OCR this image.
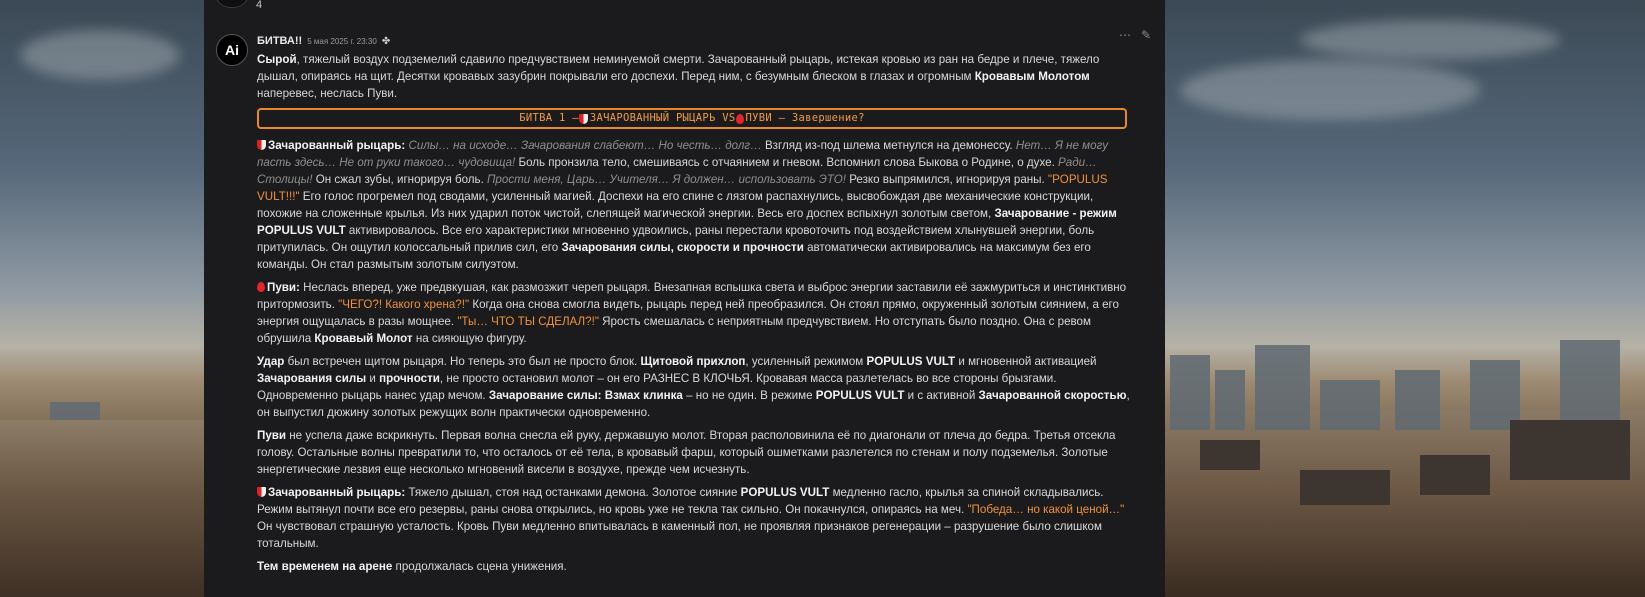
4
Ai
БИТВА!! 5 мая 2025 г. 23:30 ✤	⋯ ✎

Сырой, тяжелый воздух подземелий сдавило предчувствием неминуемой смерти. Зачарованный рыцарь, истекая кровью из ран на бедре и плече, тяжело дышал, опираясь на щит. Десятки кровавых зазубрин покрывали его доспехи. Перед ним, с безумным блеском в глазах и огромным Кровавым Молотом наперевес, неслась Пуви.

БИТВА 1 – ЗАЧАРОВАННЫЙ РЫЦАРЬ VS ПУВИ – Завершение?

Зачарованный рыцарь: Силы… на исходе… Зачарования слабеют… Но честь… долг… Взгляд из-под шлема метнулся на демонессу. Нет… Я не могу пасть здесь… Не от руки такого… чудовища! Боль пронзила тело, смешиваясь с отчаянием и гневом. Вспомнил слова Быкова о Родине, о духе. Ради… Столицы! Он сжал зубы, игнорируя боль. Прости меня, Царь… Учителя… Я должен… использовать ЭТО! Резко выпрямился, игнорируя раны. "POPULUS VULT!!!" Его голос прогремел под сводами, усиленный магией. Доспехи на его спине с лязгом распахнулись, высвобождая две механические конструкции, похожие на сложенные крылья. Из них ударил поток чистой, слепящей магической энергии. Весь его доспех вспыхнул золотым светом, Зачарование - режим POPULUS VULT активировалось. Все его характеристики мгновенно удвоились, раны перестали кровоточить под воздействием хлынувшей энергии, боль притупилась. Он ощутил колоссальный прилив сил, его Зачарования силы, скорости и прочности автоматически активировались на максимум без его команды. Он стал размытым золотым силуэтом.

Пуви: Неслась вперед, уже предвкушая, как размозжит череп рыцаря. Внезапная вспышка света и выброс энергии заставили её зажмуриться и инстинктивно притормозить. "ЧЕГО?! Какого хрена?!" Когда она снова смогла видеть, рыцарь перед ней преобразился. Он стоял прямо, окруженный золотым сиянием, а его энергия ощущалась в разы мощнее. "Ты… ЧТО ТЫ СДЕЛАЛ?!" Ярость смешалась с неприятным предчувствием. Но отступать было поздно. Она с ревом обрушила Кровавый Молот на сияющую фигуру.

Удар был встречен щитом рыцаря. Но теперь это был не просто блок. Щитовой прихлоп, усиленный режимом POPULUS VULT и мгновенной активацией Зачарования силы и прочности, не просто остановил молот – он его РАЗНЕС В КЛОЧЬЯ. Кровавая масса разлетелась во все стороны брызгами. Одновременно рыцарь нанес удар мечом. Зачарование силы: Взмах клинка – но не один. В режиме POPULUS VULT и с активной Зачарованной скоростью, он выпустил дюжину золотых режущих волн практически одновременно.

Пуви не успела даже вскрикнуть. Первая волна снесла ей руку, державшую молот. Вторая располовинила её по диагонали от плеча до бедра. Третья отсекла голову. Остальные волны превратили то, что осталось от её тела, в кровавый фарш, который ошметками разлетелся по стенам и полу подземелья. Золотые энергетические лезвия еще несколько мгновений висели в воздухе, прежде чем исчезнуть.

Зачарованный рыцарь: Тяжело дышал, стоя над останками демона. Золотое сияние POPULUS VULT медленно гасло, крылья за спиной складывались. Режим вытянул почти все его резервы, раны снова открылись, но кровь уже не текла так сильно. Он покачнулся, опираясь на меч. "Победа… но какой ценой…" Он чувствовал страшную усталость. Кровь Пуви медленно впитывалась в каменный пол, не проявляя признаков регенерации – разрушение было слишком тотальным.

Тем временем на арене продолжалась сцена унижения.
